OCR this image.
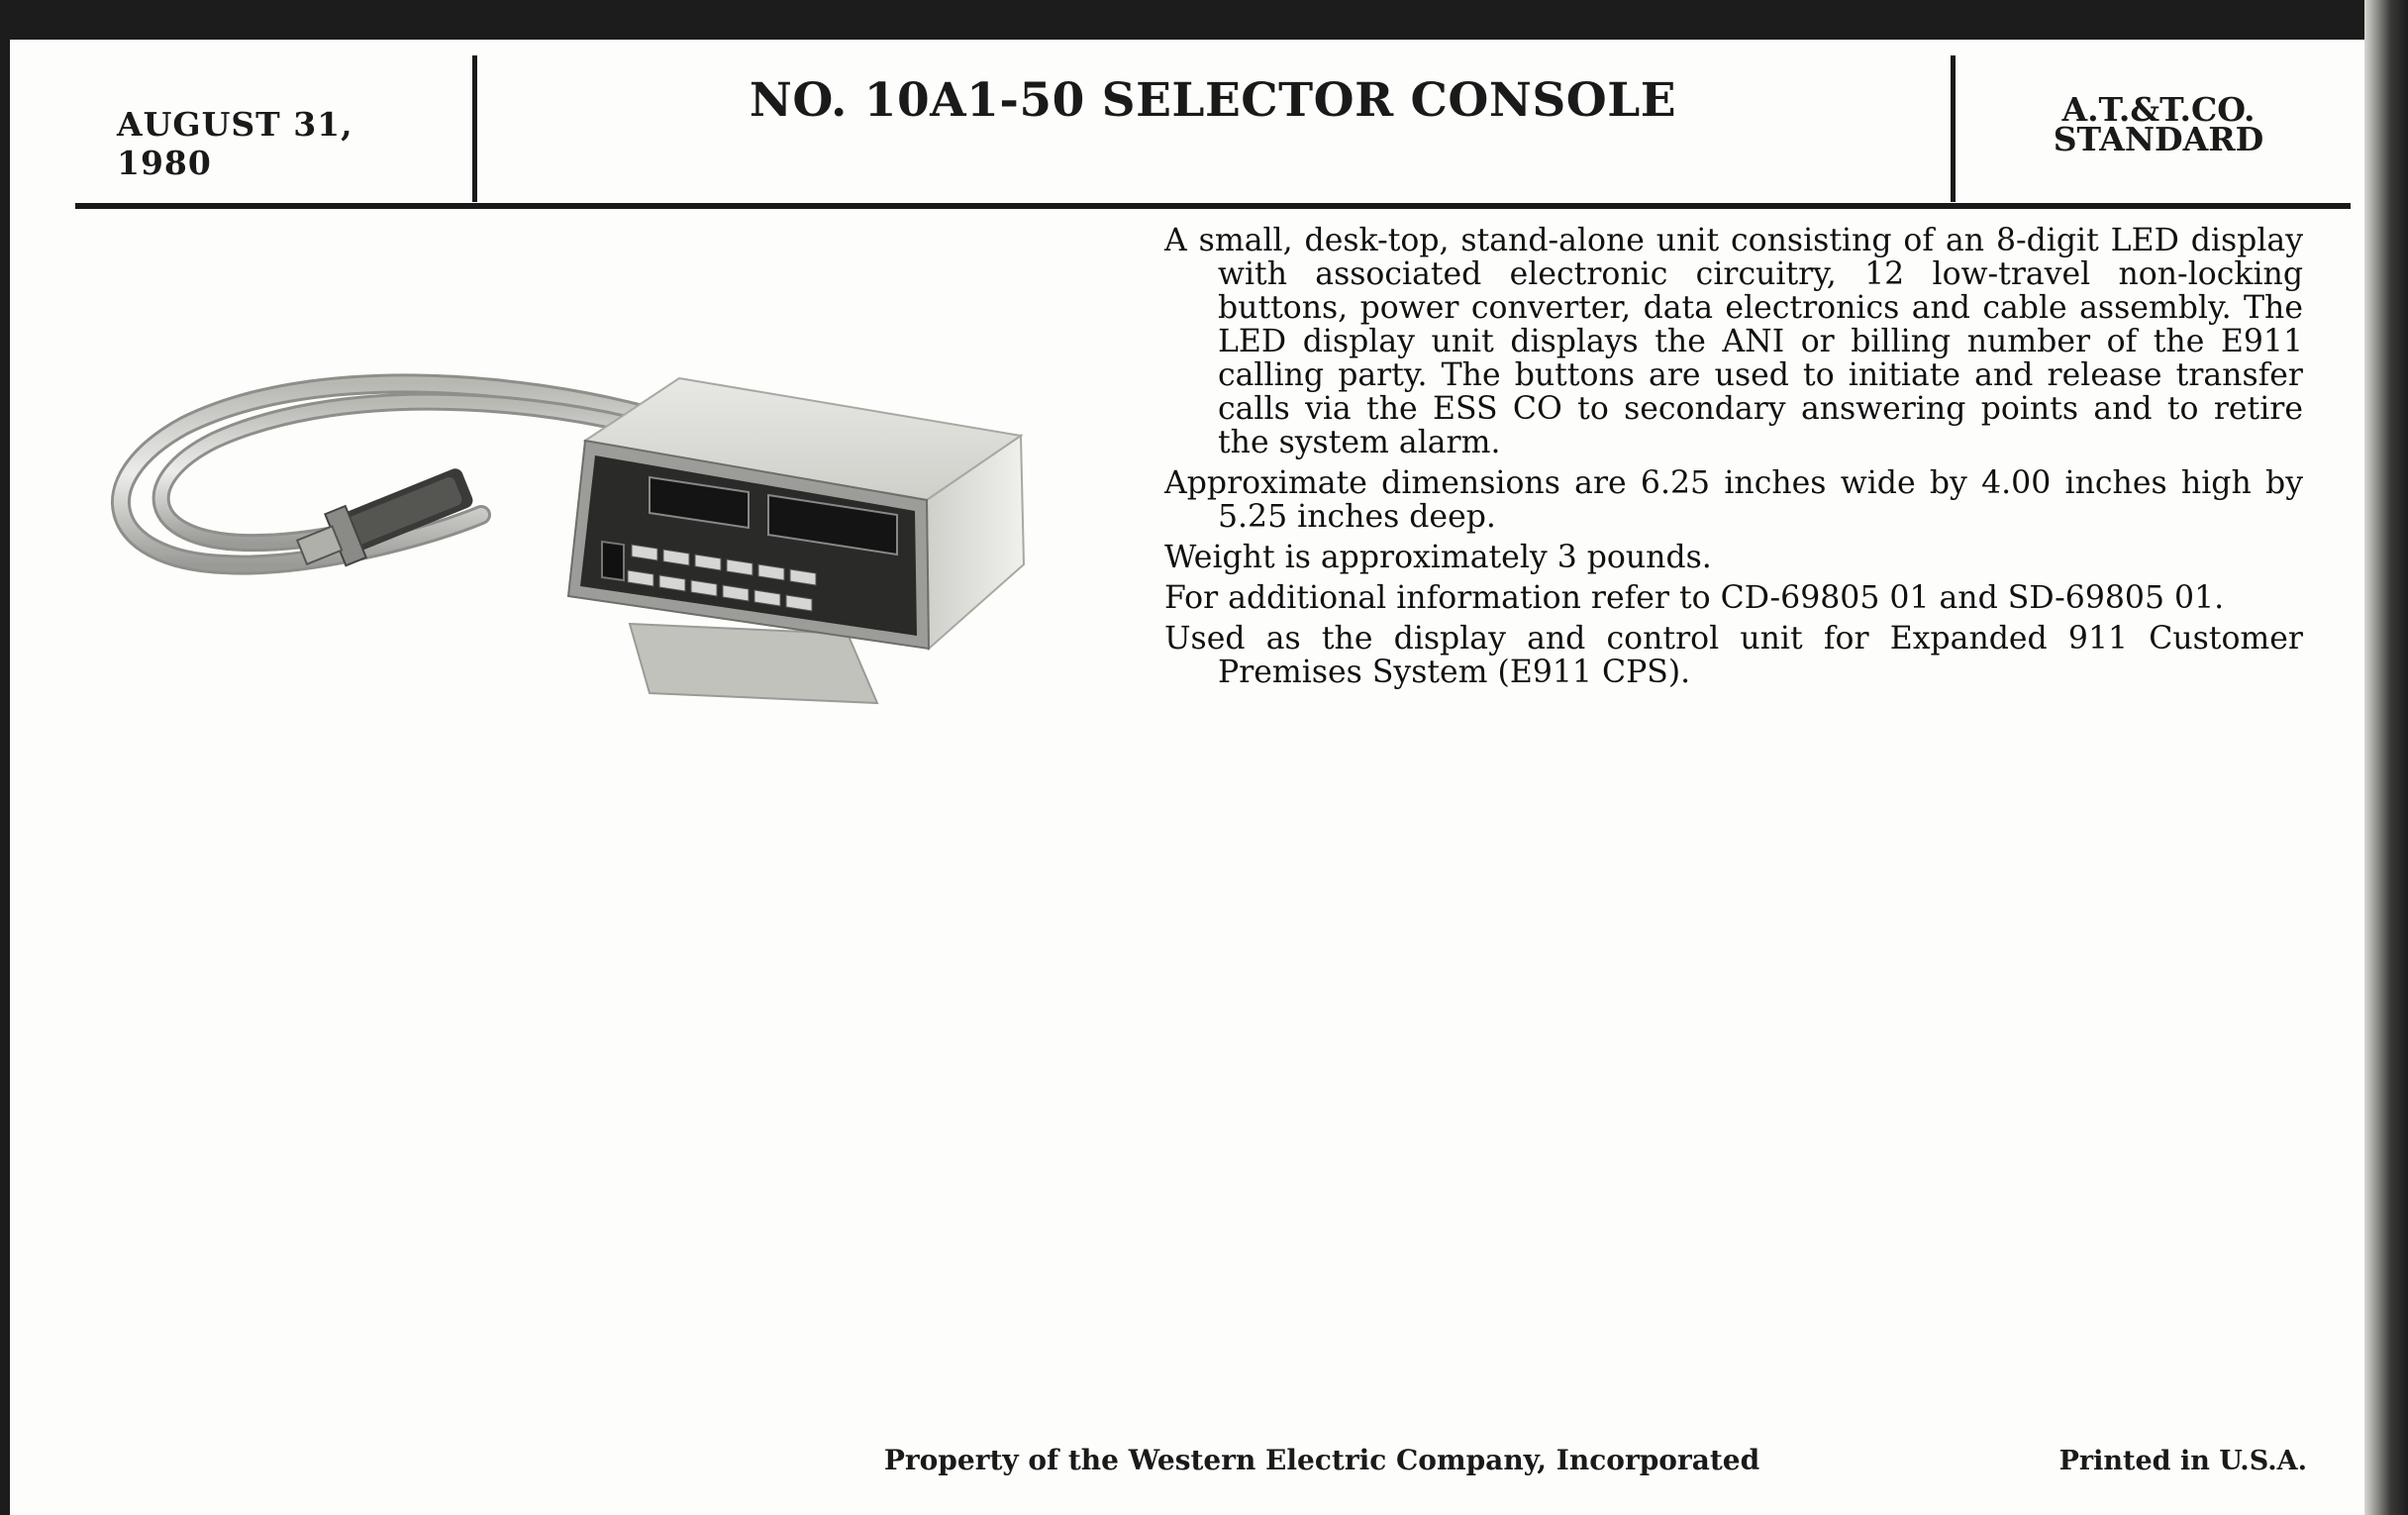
AUGUST 31, 1980
NO. 10A1-50 SELECTOR CONSOLE	A.T.&T.CO.
STANDARD

A small, desk-top, stand-alone unit consisting of an 8-digit LED display with associated electronic circuitry, 12 low-travel non-locking buttons, power converter, data electronics and cable assembly. The LED display unit displays the ANI or billing number of the E911 calling party. The buttons are used to initiate and release transfer calls via the ESS CO to secondary answering points and to retire the system alarm.

Approximate dimensions are 6.25 inches wide by 4.00 inches high by 5.25 inches deep.

Weight is approximately 3 pounds.

For additional information refer to CD-69805 01 and SD-69805 01.

Used as the display and control unit for Expanded 911 Customer Premises System (E911 CPS).

Property of the Western Electric Company, Incorporated	Printed in U.S.A.
